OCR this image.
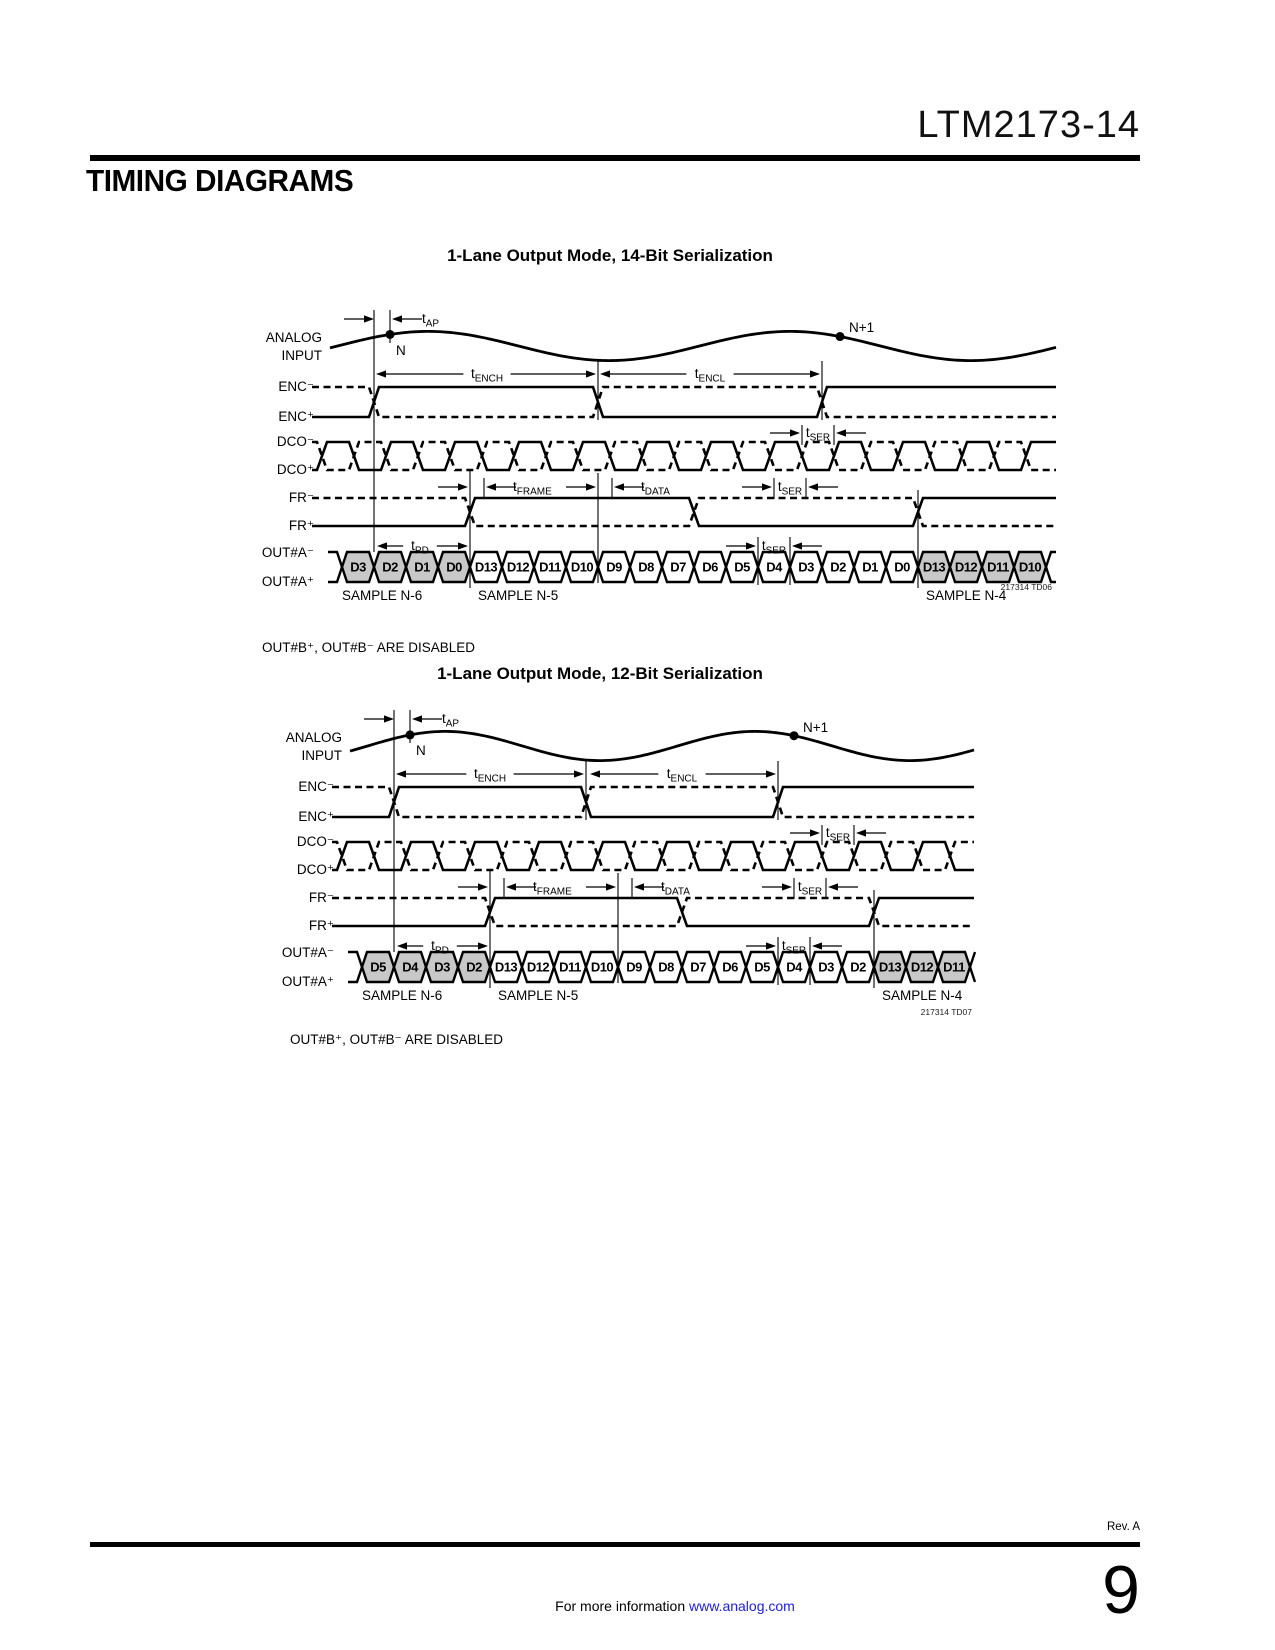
LTM2173-14
TIMING DIAGRAMS
1-Lane Output Mode, 14-Bit Serialization
N
N+1
D3 D2 D1 D0 D13 D12 D11 D10 D9 D8 D7 D6 D5 D4 D3 D2 D1 D0 D13 D12 D11 D10
ANALOG
INPUT
ENC⁻
ENC⁺
DCO⁻
DCO⁺
FR⁻
FR⁺
OUT#A⁻
OUT#A⁺
$t_{AP}$
$t_{ENCH}$	$t_{ENCL}$
$t_{SER}$
$t_{FRAME}$	$t_{DATA}$	$t_{SER}$
$t_{PD}$	$t_{SER}$
SAMPLE N-6	SAMPLE N-5	SAMPLE N-4
217314 TD06
OUT#B⁺, OUT#B⁻ ARE DISABLED
1-Lane Output Mode, 12-Bit Serialization
N
N+1
D5 D4 D3 D2 D13 D12 D11 D10 D9 D8 D7 D6 D5 D4 D3 D2 D13 D12 D11
ANALOG
INPUT
ENC⁻
ENC⁺
DCO⁻
DCO⁺
FR⁻
FR⁺
OUT#A⁻
OUT#A⁺
$t_{AP}$
$t_{ENCH}$	$t_{ENCL}$
$t_{SER}$
$t_{FRAME}$	$t_{DATA}$	$t_{SER}$
$t_{PD}$	$t_{SER}$
SAMPLE N-6	SAMPLE N-5	SAMPLE N-4
217314 TD07
OUT#B⁺, OUT#B⁻ ARE DISABLED
Rev. A
9
For more information www.analog.com
